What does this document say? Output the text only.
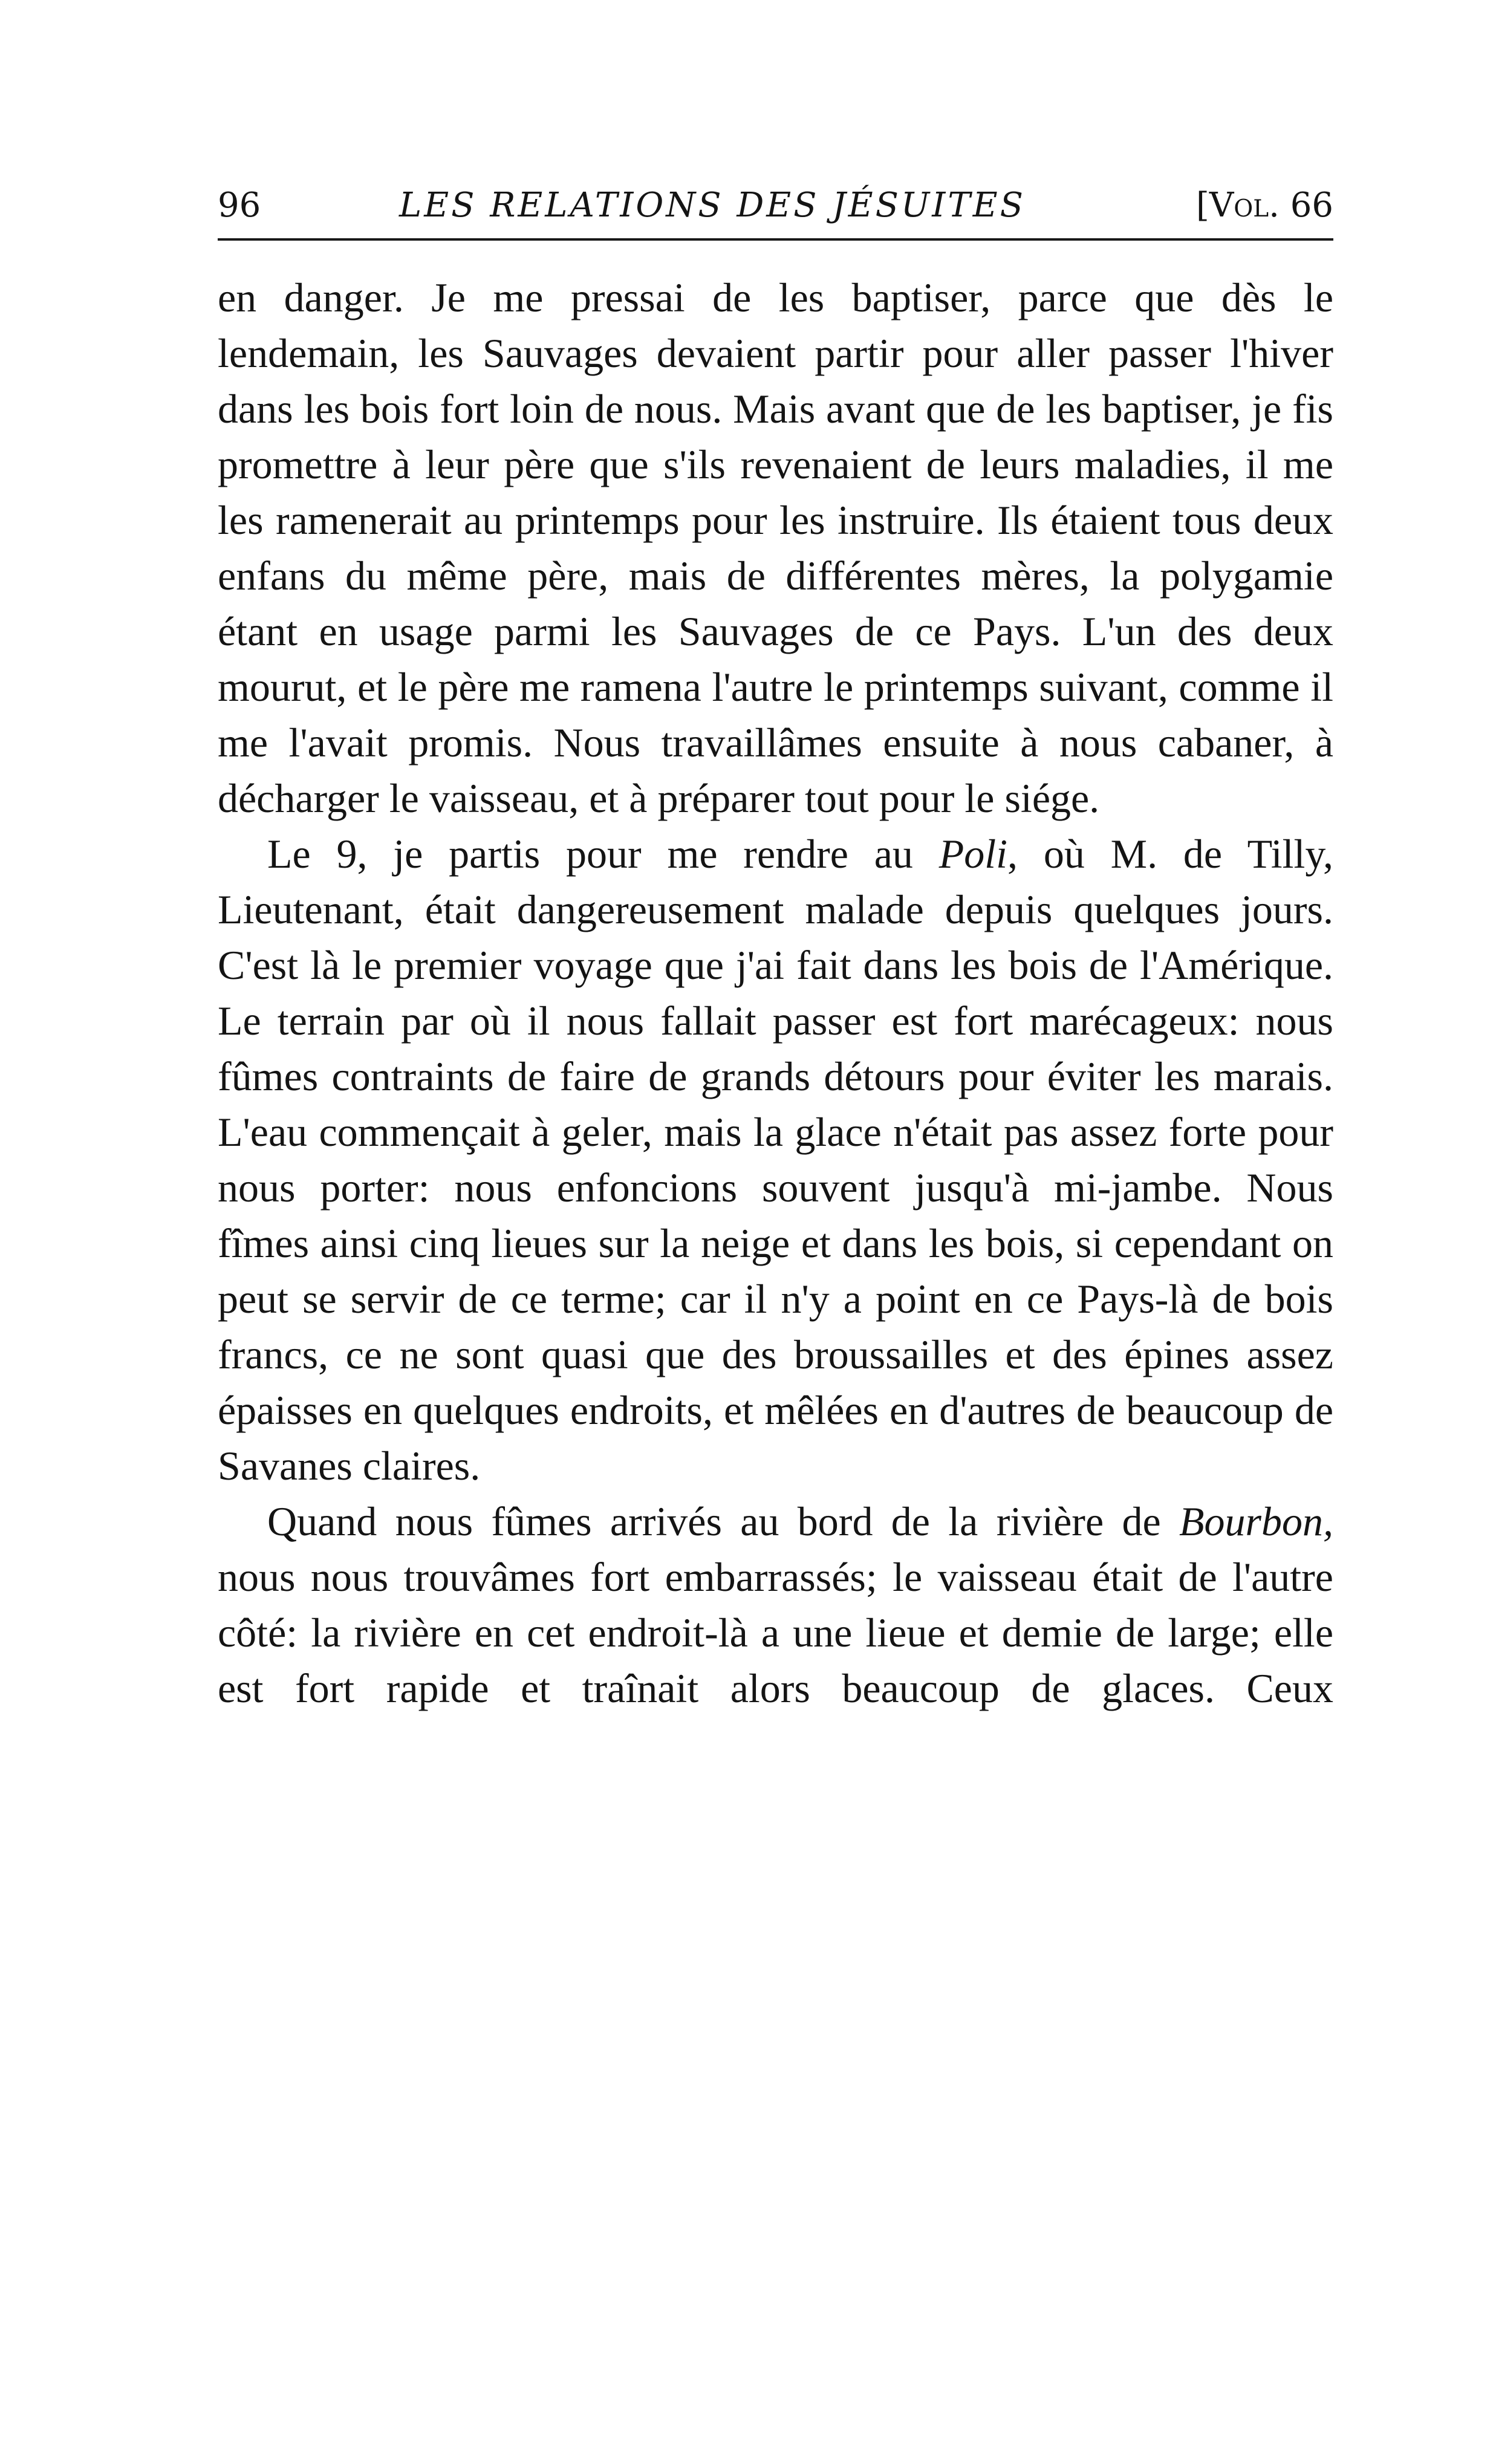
96	LES RELATIONS DES JÉSUITES	[Vol. 66

en danger. Je me pressai de les baptiser, parce que dès le lendemain, les Sauvages devaient partir pour aller passer l'hiver dans les bois fort loin de nous. Mais avant que de les baptiser, je fis promettre à leur père que s'ils revenaient de leurs maladies, il me les ramenerait au printemps pour les instruire. Ils étaient tous deux enfans du même père, mais de différentes mères, la polygamie étant en usage parmi les Sauvages de ce Pays. L'un des deux mourut, et le père me ramena l'autre le printemps suivant, comme il me l'avait promis. Nous travaillâmes ensuite à nous cabaner, à décharger le vaisseau, et à préparer tout pour le siége.

Le 9, je partis pour me rendre au Poli, où M. de Tilly, Lieutenant, était dangereusement malade depuis quelques jours. C'est là le premier voyage que j'ai fait dans les bois de l'Amérique. Le terrain par où il nous fallait passer est fort marécageux: nous fûmes contraints de faire de grands détours pour éviter les marais. L'eau commençait à geler, mais la glace n'était pas assez forte pour nous porter: nous enfoncions souvent jusqu'à mi-jambe. Nous fîmes ainsi cinq lieues sur la neige et dans les bois, si cependant on peut se servir de ce terme; car il n'y a point en ce Pays-là de bois francs, ce ne sont quasi que des broussailles et des épines assez épaisses en quelques endroits, et mêlées en d'autres de beaucoup de Savanes claires.

Quand nous fûmes arrivés au bord de la rivière de Bourbon, nous nous trouvâmes fort embarrassés; le vaisseau était de l'autre côté: la rivière en cet endroit-là a une lieue et demie de large; elle est fort rapide et traînait alors beaucoup de glaces. Ceux
